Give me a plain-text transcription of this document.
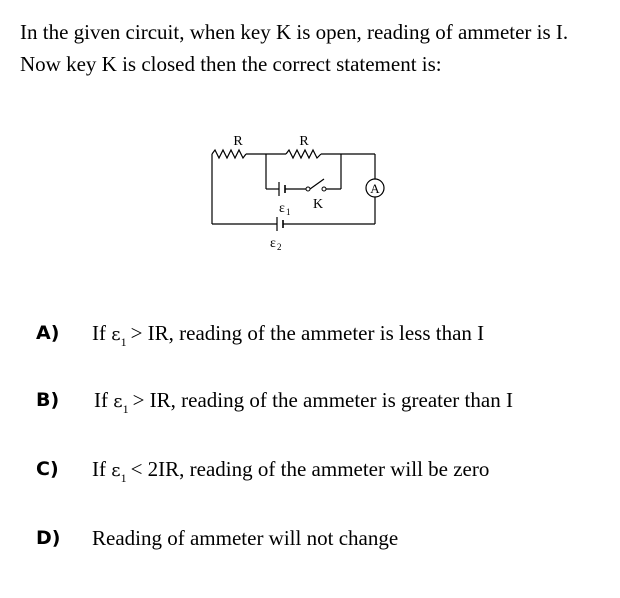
In the given circuit, when key K is open, reading of ammeter is I. Now key K is closed then the correct statement is:

A
R	R
K
ε 1
ε 2
A)	If $\varepsilon_1$ > IR, reading of the ammeter is less than I
B)	If $\varepsilon_1$ > IR, reading of the ammeter is greater than I
C)	If $\varepsilon_1 < 2IR$, reading of the ammeter will be zero
D)	Reading of ammeter will not change
